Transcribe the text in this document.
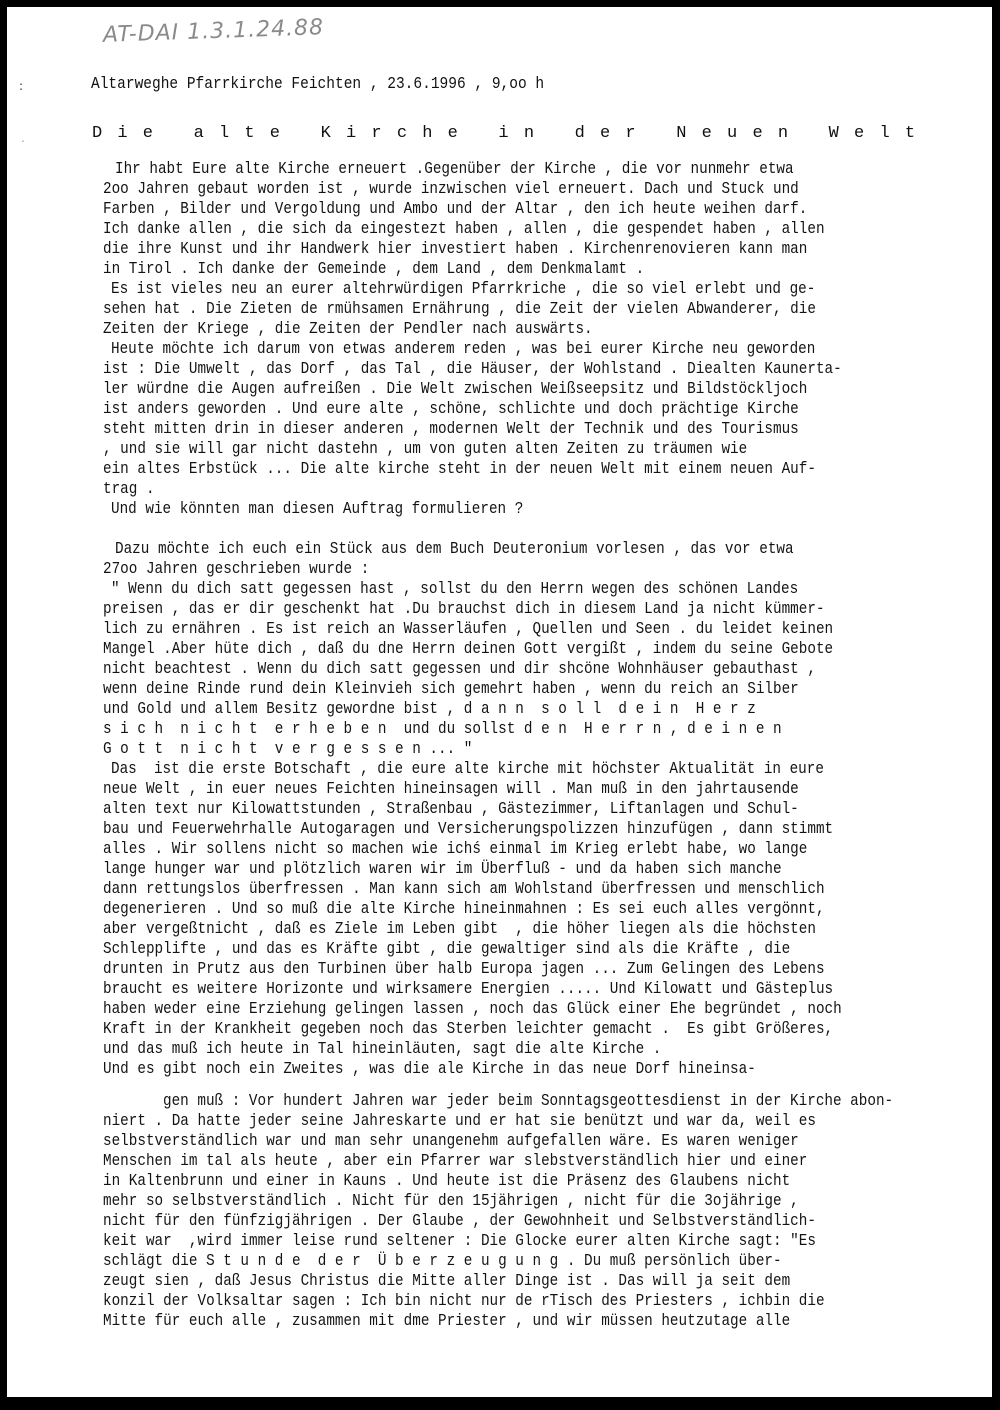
AT-DAI 1.3.1.24.88
:
.
Altarweghe Pfarrkirche Feichten , 23.6.1996 , 9,oo h
Die alte Kirche in der Neuen Welt
Ihr habt Eure alte Kirche erneuert .Gegenüber der Kirche , die vor nunmehr etwa
2oo Jahren gebaut worden ist , wurde inzwischen viel erneuert. Dach und Stuck und
Farben , Bilder und Vergoldung und Ambo und der Altar , den ich heute weihen darf.
Ich danke allen , die sich da eingestezt haben , allen , die gespendet haben , allen
die ihre Kunst und ihr Handwerk hier investiert haben . Kirchenrenovieren kann man
in Tirol . Ich danke der Gemeinde , dem Land , dem Denkmalamt .
Es ist vieles neu an eurer altehrwürdigen Pfarrkriche , die so viel erlebt und ge-
sehen hat . Die Zieten de rmühsamen Ernährung , die Zeit der vielen Abwanderer, die
Zeiten der Kriege , die Zeiten der Pendler nach auswärts.
Heute möchte ich darum von etwas anderem reden , was bei eurer Kirche neu geworden
ist : Die Umwelt , das Dorf , das Tal , die Häuser, der Wohlstand . Diealten Kaunerta-
ler würdne die Augen aufreißen . Die Welt zwischen Weißseepsitz und Bildstöckljoch
ist anders geworden . Und eure alte , schöne, schlichte und doch prächtige Kirche
steht mitten drin in dieser anderen , modernen Welt der Technik und des Tourismus
, und sie will gar nicht dastehn , um von guten alten Zeiten zu träumen wie
ein altes Erbstück ... Die alte kirche steht in der neuen Welt mit einem neuen Auf-
trag .
Und wie könnten man diesen Auftrag formulieren ?
Dazu möchte ich euch ein Stück aus dem Buch Deuteronium vorlesen , das vor etwa
27oo Jahren geschrieben wurde :
" Wenn du dich satt gegessen hast , sollst du den Herrn wegen des schönen Landes
preisen , das er dir geschenkt hat .Du brauchst dich in diesem Land ja nicht kümmer-
lich zu ernähren . Es ist reich an Wasserläufen , Quellen und Seen . du leidet keinen
Mangel .Aber hüte dich , daß du dne Herrn deinen Gott vergißt , indem du seine Gebote
nicht beachtest . Wenn du dich satt gegessen und dir shcöne Wohnhäuser gebauthast ,
wenn deine Rinde rund dein Kleinvieh sich gemehrt haben , wenn du reich an Silber
und Gold und allem Besitz gewordne bist , d a n n  s o l l  d e i n  H e r z
s i c h  n i c h t  e r h e b e n  und du sollst d e n  H e r r n , d e i n e n
G o t t  n i c h t  v e r g e s s e n ... "
Das  ist die erste Botschaft , die eure alte kirche mit höchster Aktualität in eure
neue Welt , in euer neues Feichten hineinsagen will . Man muß in den jahrtausende
alten text nur Kilowattstunden , Straßenbau , Gästezimmer, Liftanlagen und Schul-
bau und Feuerwehrhalle Autogaragen und Versicherungspolizzen hinzufügen , dann stimmt
alles . Wir sollens nicht so machen wie ichś einmal im Krieg erlebt habe, wo lange
lange hunger war und plötzlich waren wir im Überfluß - und da haben sich manche
dann rettungslos überfressen . Man kann sich am Wohlstand überfressen und menschlich
degenerieren . Und so muß die alte Kirche hineinmahnen : Es sei euch alles vergönnt,
aber vergeßtnicht , daß es Ziele im Leben gibt  , die höher liegen als die höchsten
Schlepplifte , und das es Kräfte gibt , die gewaltiger sind als die Kräfte , die
drunten in Prutz aus den Turbinen über halb Europa jagen ... Zum Gelingen des Lebens
braucht es weitere Horizonte und wirksamere Energien ..... Und Kilowatt und Gästeplus
haben weder eine Erziehung gelingen lassen , noch das Glück einer Ehe begründet , noch
Kraft in der Krankheit gegeben noch das Sterben leichter gemacht .  Es gibt Größeres,
und das muß ich heute in Tal hineinläuten, sagt die alte Kirche .
Und es gibt noch ein Zweites , was die ale Kirche in das neue Dorf hineinsa-
gen muß : Vor hundert Jahren war jeder beim Sonntagsgeottesdienst in der Kirche abon-
niert . Da hatte jeder seine Jahreskarte und er hat sie benützt und war da, weil es
selbstverständlich war und man sehr unangenehm aufgefallen wäre. Es waren weniger
Menschen im tal als heute , aber ein Pfarrer war slebstverständlich hier und einer
in Kaltenbrunn und einer in Kauns . Und heute ist die Präsenz des Glaubens nicht
mehr so selbstverständlich . Nicht für den 15jährigen , nicht für die 3ojährige ,
nicht für den fünfzigjährigen . Der Glaube , der Gewohnheit und Selbstverständlich-
keit war  ,wird immer leise rund seltener : Die Glocke eurer alten Kirche sagt: "Es
schlägt die S t u n d e  d e r  Ü b e r z e u g u n g . Du muß persönlich über-
zeugt sien , daß Jesus Christus die Mitte aller Dinge ist . Das will ja seit dem
konzil der Volksaltar sagen : Ich bin nicht nur de rTisch des Priesters , ichbin die
Mitte für euch alle , zusammen mit dme Priester , und wir müssen heutzutage alle
